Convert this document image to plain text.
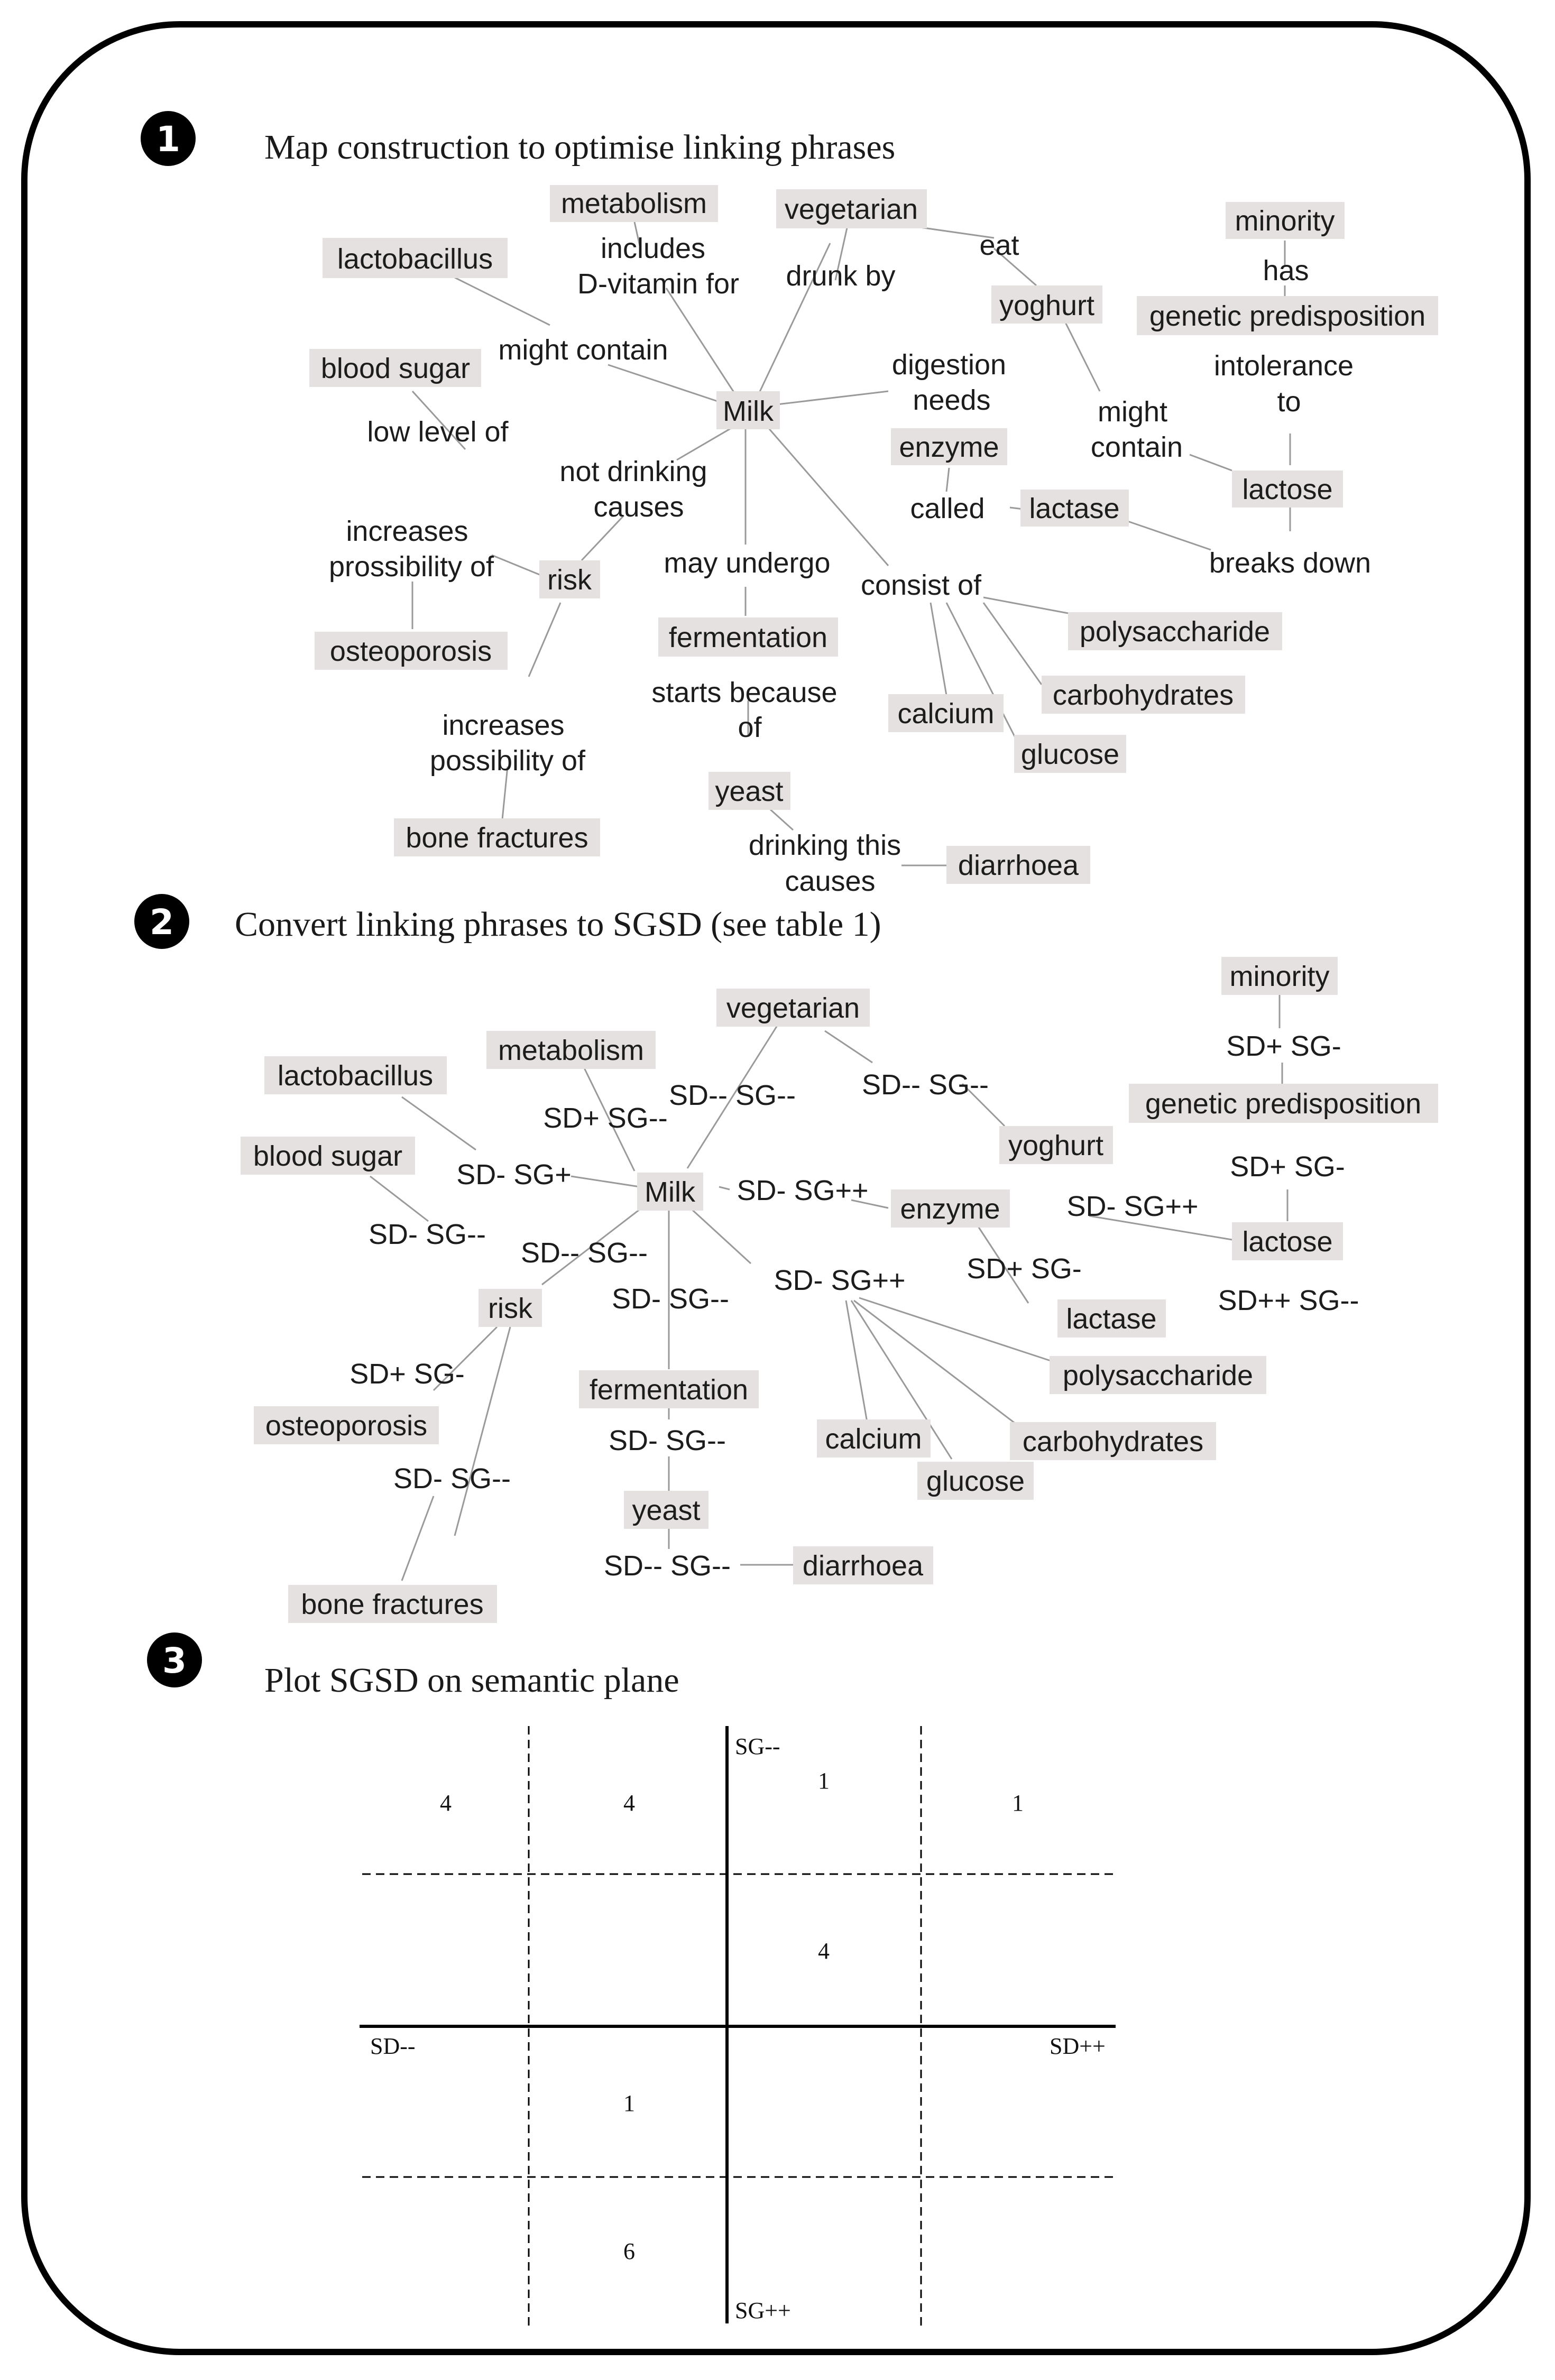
1 Map construction to optimise linking phrases
2 Convert linking phrases to SGSD (see table 1)
3 Plot SGSD on semantic plane
metabolism	vegetarian	minority
lactobacillus
yoghurt genetic predisposition
blood sugar
Milk
enzyme
lactose
lactase
risk
osteoporosis	fermentation	polysaccharide
carbohydrates
calcium
glucose
yeast
bone fractures
diarrhoea
includes
D-vitamin for drunk by
eat
has
might contain	digestion
needs
intolerance
to
low level of
might
contain
not drinking
causes	called
increases
prossibility of	may undergo	breaks down
consist of
starts because
of
increases
possibility of
drinking this
causes
minority
vegetarian
metabolism
lactobacillus
genetic predisposition
yoghurt
blood sugar
Milk
enzyme
lactose
lactase
risk
polysaccharide
fermentation
osteoporosis	calcium	carbohydrates
glucose
yeast
diarrhoea
bone fractures
SD+ SG-
SD-- SG-- SD-- SG--
SD+ SG--
SD+ SG-
SD- SG+	SD- SG++	SD- SG++
SD- SG--
SD-- SG--	SD+ SG-
SD- SG++
SD++ SG--
SD- SG--
SD+ SG-
SD- SG--
SD- SG--
SD-- SG--
SG--
SG++
SD--	SD++
4	4
1
1
4
1
6
